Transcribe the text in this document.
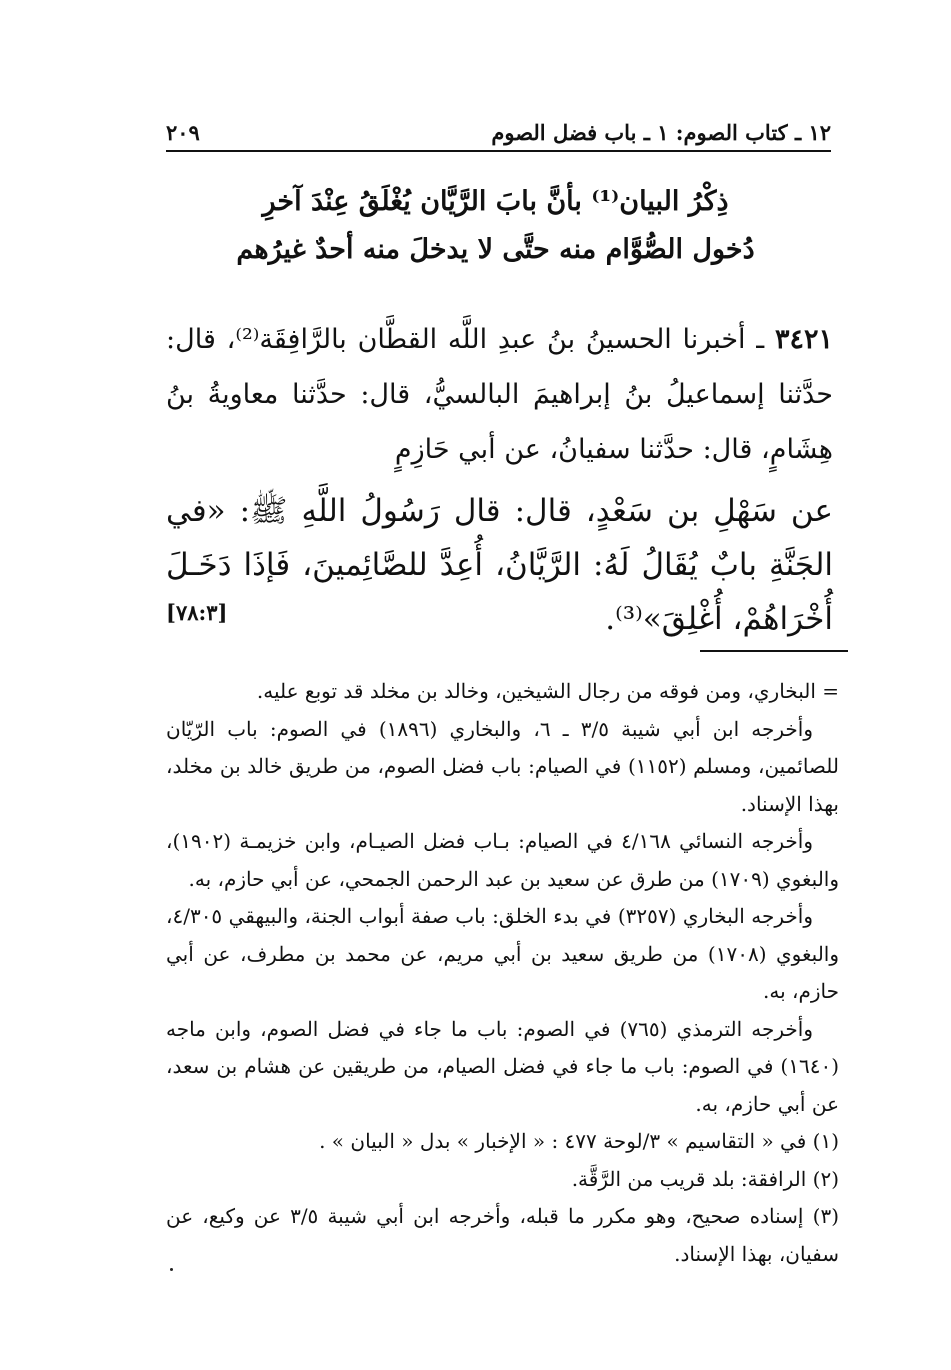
١٢ ـ كتاب الصوم: ١ ـ باب فضل الصوم
٢٠٩
ذِكْرُ البيان⁽¹⁾ بأنَّ بابَ الرَّيَّان يُغْلَقُ عِنْدَ آخرِ
دُخول الصُّوَّام منه حتَّى لا يدخلَ منه أحدٌ غيرُهم
٣٤٢١ ـ أخبرنا الحسينُ بنُ عبدِ اللَّه القطَّان بالرَّافِقَة⁽²⁾، قال: حدَّثنا إسماعيلُ بنُ إبراهيمَ البالسيُّ، قال: حدَّثنا معاويةُ بنُ هِشَامٍ، قال: حدَّثنا سفيانُ، عن أبي حَازِمٍ
عن سَهْلِ بن سَعْدٍ، قال: قال رَسُولُ اللَّهِ ﷺ: «في الجَنَّةِ بابٌ يُقَالُ لَهُ: الرَّيَّانُ، أُعِدَّ للصَّائِمينَ، فَإذَا دَخَـلَ أُخْرَاهُمْ، أُغْلِقَ»⁽³⁾.
[٧٨:٣]

= البخاري، ومن فوقه من رجال الشيخين، وخالد بن مخلد قد توبع عليه.

وأخرجه ابن أبي شيبة ٣/٥ ـ ٦، والبخاري (١٨٩٦) في الصوم: باب الرّيّان للصائمين، ومسلم (١١٥٢) في الصيام: باب فضل الصوم، من طريق خالد بن مخلد، بهذا الإسناد.

وأخرجه النسائي ٤/١٦٨ في الصيام: بـاب فضل الصيـام، وابن خزيمـة (١٩٠٢)، والبغوي (١٧٠٩) من طرق عن سعيد بن عبد الرحمن الجمحي، عن أبي حازم، به.

وأخرجه البخاري (٣٢٥٧) في بدء الخلق: باب صفة أبواب الجنة، والبيهقي ٤/٣٠٥، والبغوي (١٧٠٨) من طريق سعيد بن أبي مريم، عن محمد بن مطرف، عن أبي حازم، به.

وأخرجه الترمذي (٧٦٥) في الصوم: باب ما جاء في فضل الصوم، وابن ماجه (١٦٤٠) في الصوم: باب ما جاء في فضل الصيام، من طريقين عن هشام بن سعد، عن أبي حازم، به.

(١) في « التقاسيم » ٣/لوحة ٤٧٧ : « الإخبار » بدل « البيان » .

(٢) الرافقة: بلد قريب من الرَّقَّة.

(٣) إسناده صحيح، وهو مكرر ما قبله، وأخرجه ابن أبي شيبة ٣/٥ عن وكيع، عن سفيان، بهذا الإسناد.
